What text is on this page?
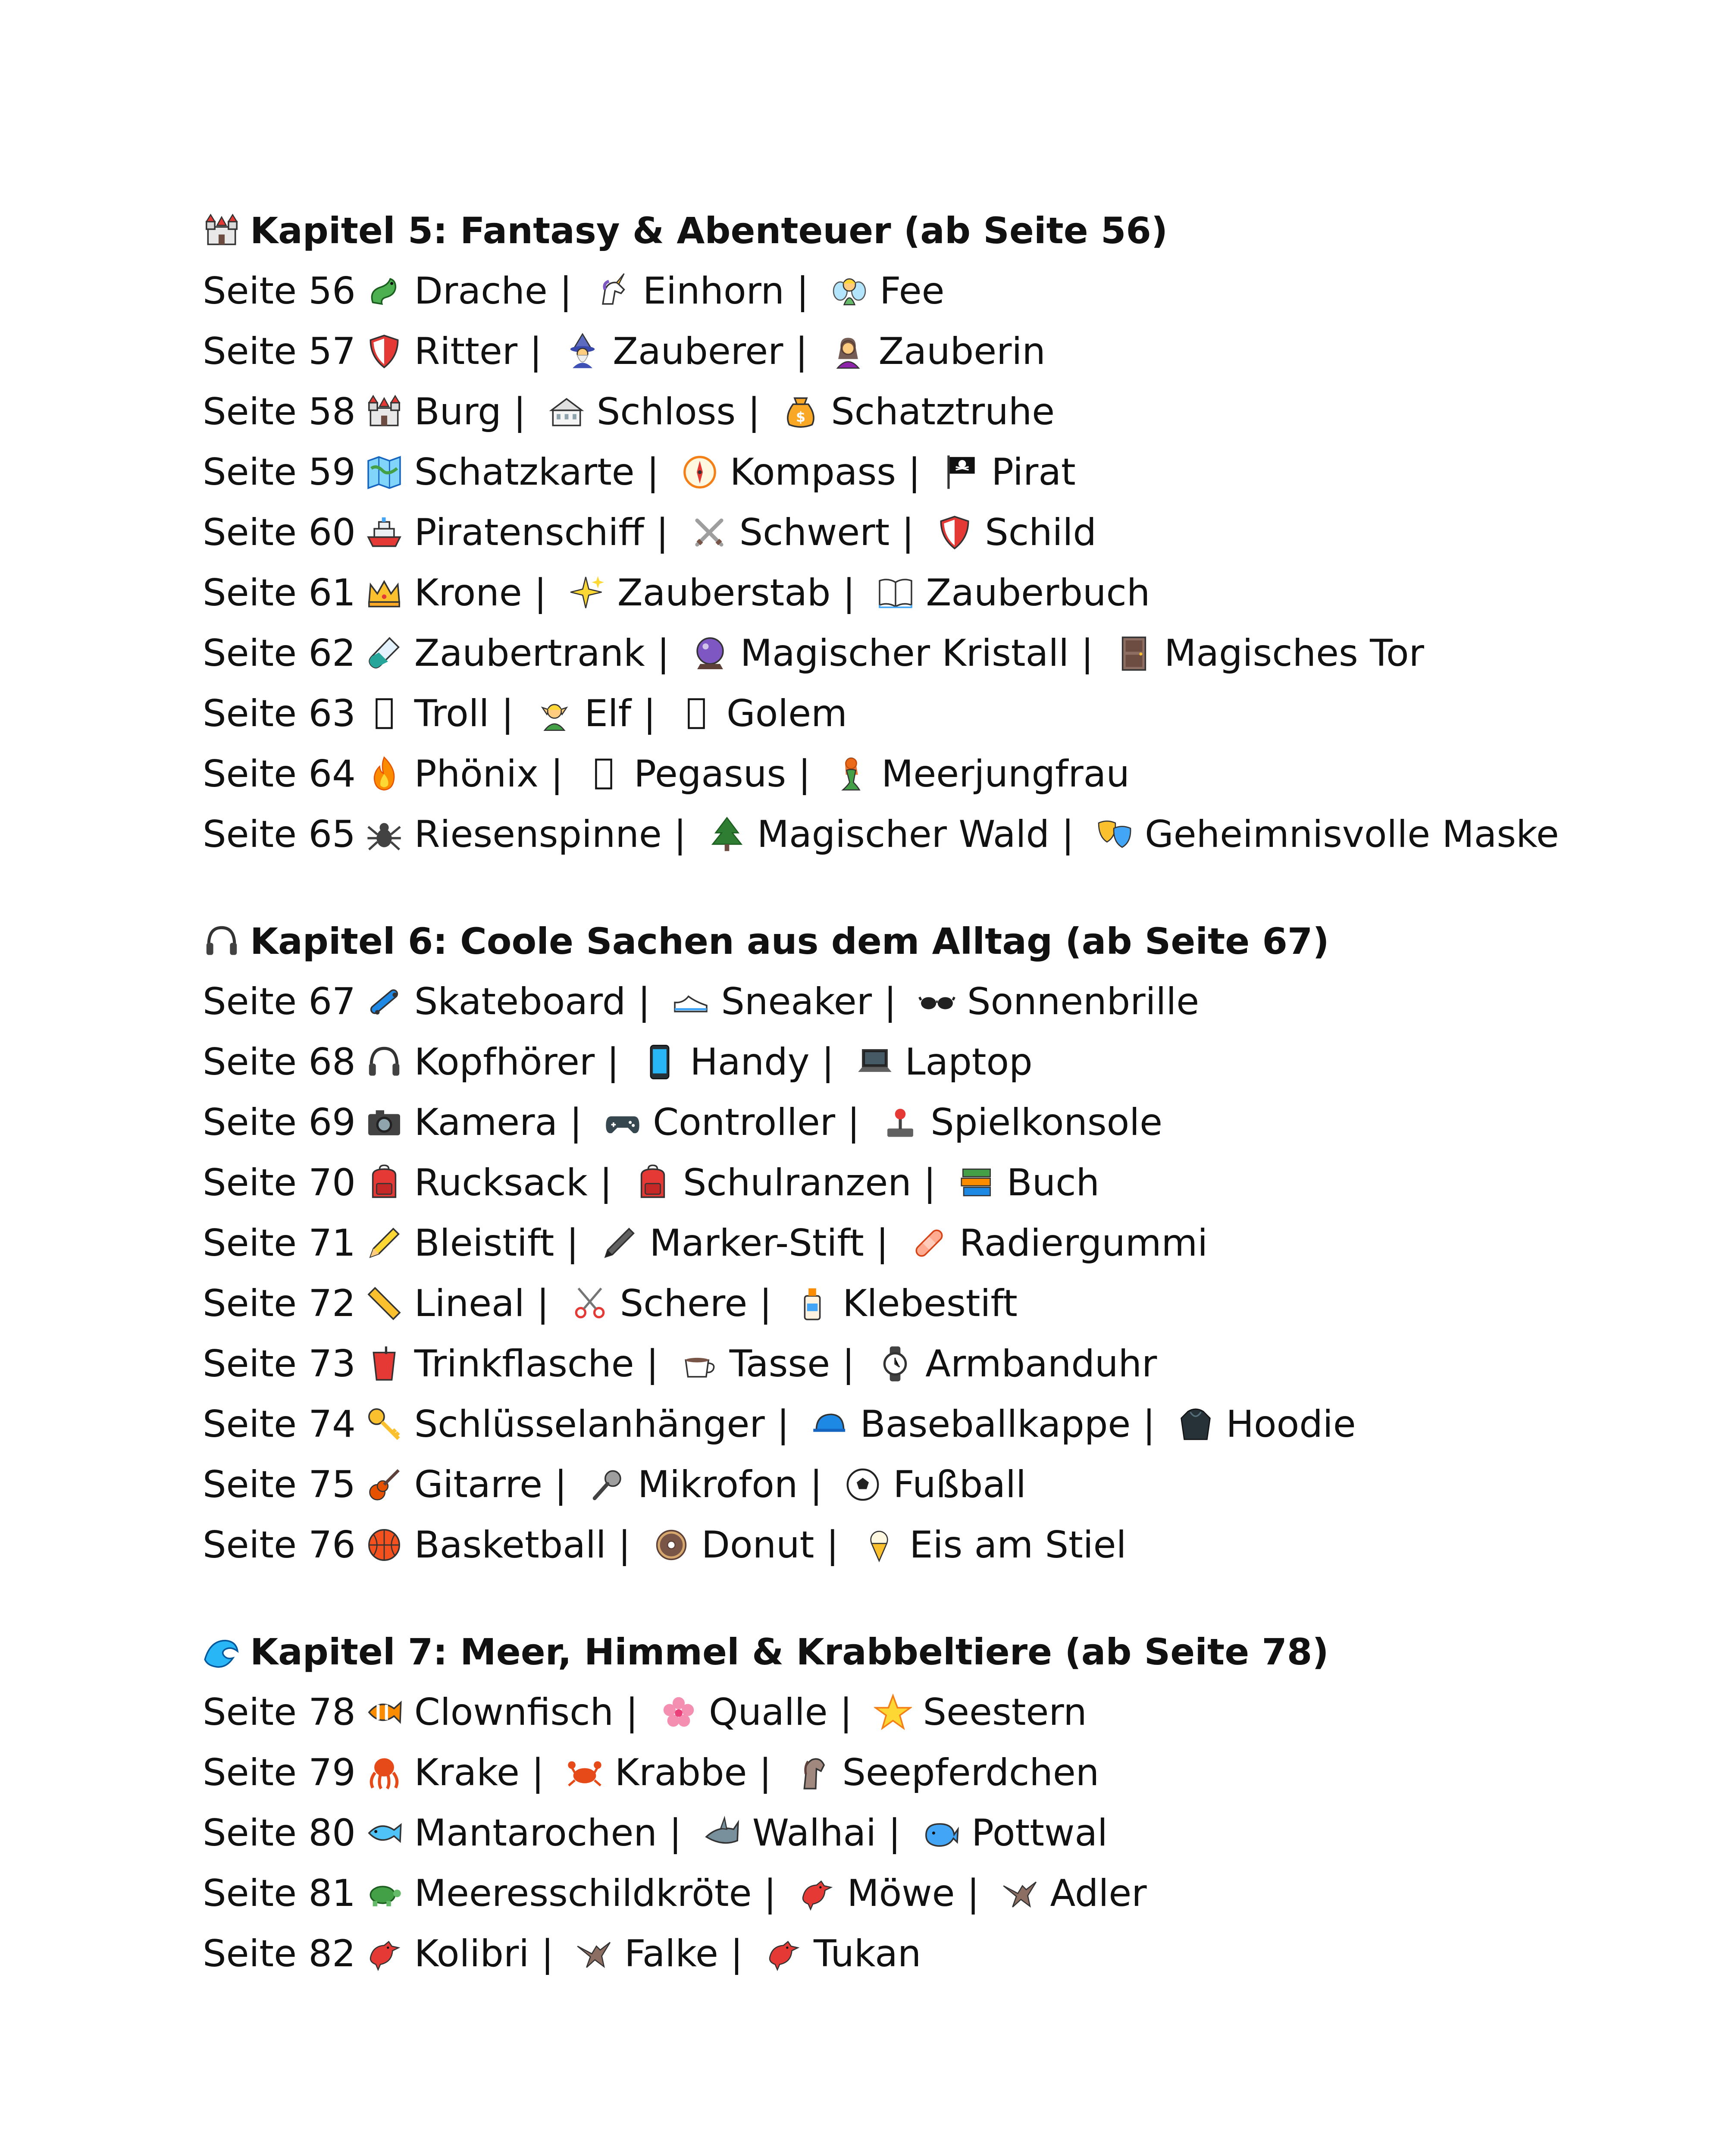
Kapitel 5: Fantasy & Abenteuer (ab Seite 56)
Seite 56 Drache | Einhorn | Fee
Seite 57 Ritter | Zauberer | Zauberin
Seite 58 Burg | Schloss | $ Schatztruhe
Seite 59 Schatzkarte | Kompass | Pirat
Seite 60 Piratenschiff | Schwert | Schild
Seite 61 Krone | Zauberstab | Zauberbuch
Seite 62 Zaubertrank | Magischer Kristall | Magisches Tor
Seite 63 Troll | Elf | Golem
Seite 64 Phönix | Pegasus | Meerjungfrau
Seite 65 Riesenspinne | Magischer Wald | Geheimnisvolle Maske
Kapitel 6: Coole Sachen aus dem Alltag (ab Seite 67)
Seite 67 Skateboard | Sneaker | Sonnenbrille
Seite 68 Kopfhörer | Handy | Laptop
Seite 69 Kamera | Controller | Spielkonsole
Seite 70 Rucksack | Schulranzen | Buch
Seite 71 Bleistift | Marker-Stift | Radiergummi
Seite 72 Lineal | Schere | Klebestift
Seite 73 Trinkflasche | Tasse | Armbanduhr
Seite 74 Schlüsselanhänger | Baseballkappe | Hoodie
Seite 75 Gitarre | Mikrofon | Fußball
Seite 76 Basketball | Donut | Eis am Stiel
Kapitel 7: Meer, Himmel & Krabbeltiere (ab Seite 78)
Seite 78 Clownfisch | Qualle | Seestern
Seite 79 Krake | Krabbe | Seepferdchen
Seite 80 Mantarochen | Walhai | Pottwal
Seite 81 Meeresschildkröte | Möwe | Adler
Seite 82 Kolibri | Falke | Tukan
